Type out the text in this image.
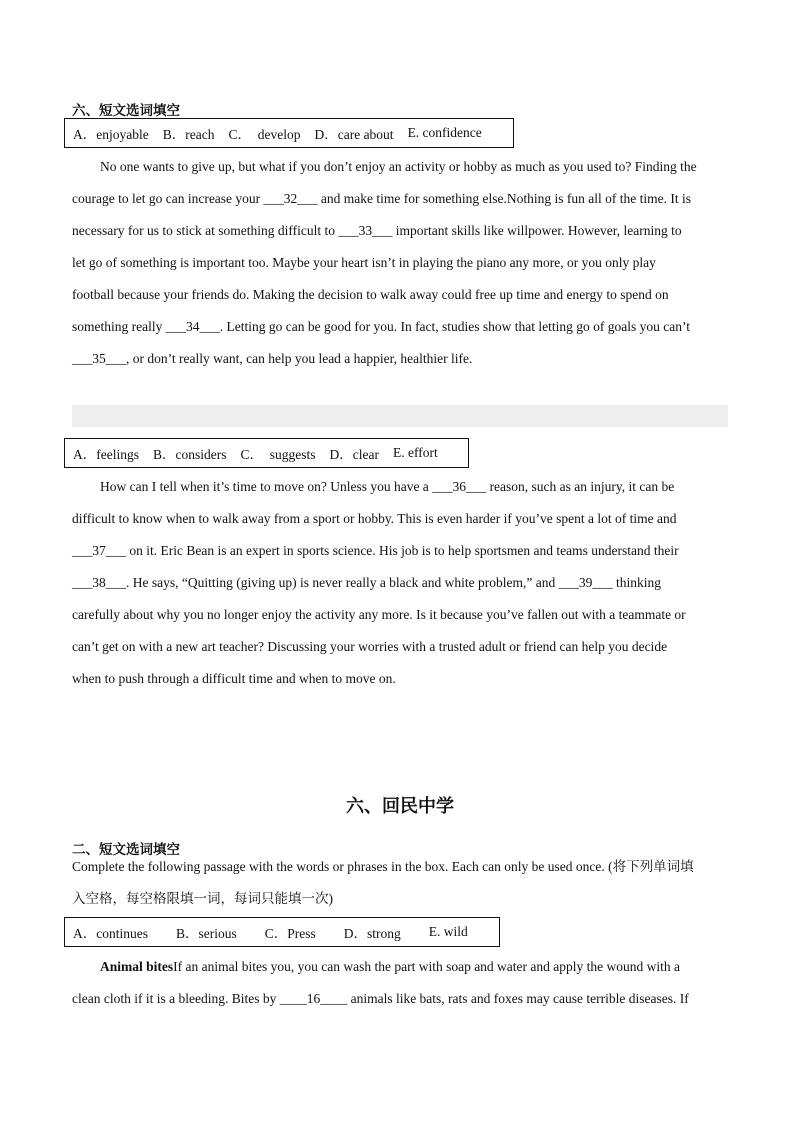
六、短文选词填空
A．enjoyable B．reach C．  develop D．care about E. confidence
No one wants to give up, but what if you don’t enjoy an activity or hobby as much as you used to? Finding the
courage to let go can increase your ___32___ and make time for something else.Nothing is fun all of the time. It is
necessary for us to stick at something difficult to ___33___ important skills like willpower. However, learning to
let go of something is important too. Maybe your heart isn’t in playing the piano any more, or you only play
football because your friends do. Making the decision to walk away could free up time and energy to spend on
something really ___34___. Letting go can be good for you. In fact, studies show that letting go of goals you can’t
___35___, or don’t really want, can help you lead a happier, healthier life.
A．feelings B．considers C．  suggests D．clear E. effort
How can I tell when it’s time to move on? Unless you have a ___36___ reason, such as an injury, it can be
difficult to know when to walk away from a sport or hobby. This is even harder if you’ve spent a lot of time and
___37___ on it. Eric Bean is an expert in sports science. His job is to help sportsmen and teams understand their
___38___. He says, “Quitting (giving up) is never really a black and white problem,” and ___39___ thinking
carefully about why you no longer enjoy the activity any more. Is it because you’ve fallen out with a teammate or
can’t get on with a new art teacher? Discussing your worries with a trusted adult or friend can help you decide
when to push through a difficult time and when to move on.
六、回民中学
二、短文选词填空
Complete the following passage with the words or phrases in the box. Each can only be used once. (将下列单词填
入空格，每空格限填一词，每词只能填一次)
A．continues B．serious C．Press D．strong E. wild
Animal bitesIf an animal bites you, you can wash the part with soap and water and apply the wound with a
clean cloth if it is a bleeding. Bites by ____16____ animals like bats, rats and foxes may cause terrible diseases. If
